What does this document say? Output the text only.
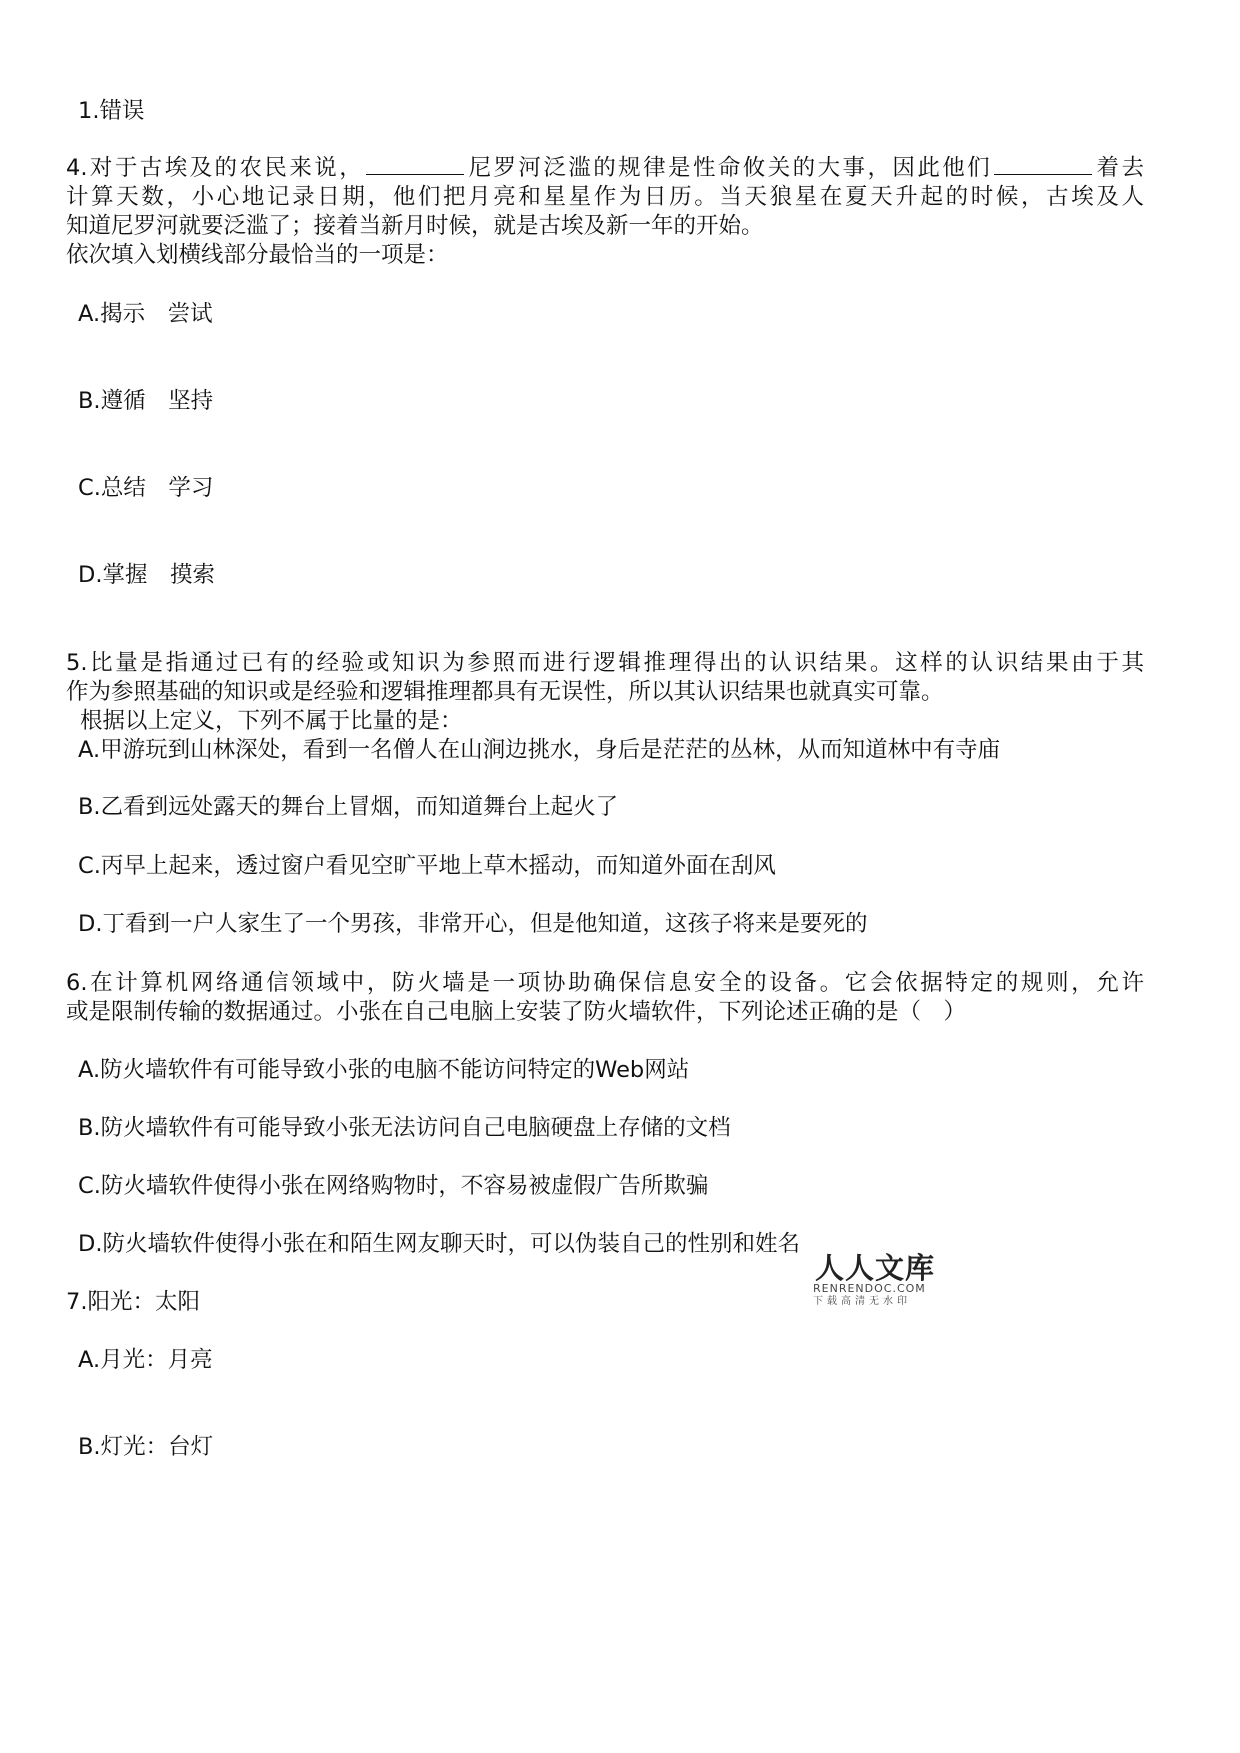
1.错误
4.对于古埃及的农民来说，	尼罗河泛滥的规律是性命攸关的大事，因此他们	着去
计算天数，小心地记录日期，他们把月亮和星星作为日历。当天狼星在夏天升起的时候，古埃及人
知道尼罗河就要泛滥了；接着当新月时候，就是古埃及新一年的开始。
依次填入划横线部分最恰当的一项是：
A.揭示　尝试
B.遵循　坚持
C.总结　学习
D.掌握　摸索
5.比量是指通过已有的经验或知识为参照而进行逻辑推理得出的认识结果。这样的认识结果由于其
作为参照基础的知识或是经验和逻辑推理都具有无误性，所以其认识结果也就真实可靠。
根据以上定义，下列不属于比量的是：
A.甲游玩到山林深处，看到一名僧人在山涧边挑水，身后是茫茫的丛林，从而知道林中有寺庙
B.乙看到远处露天的舞台上冒烟，而知道舞台上起火了
C.丙早上起来，透过窗户看见空旷平地上草木摇动，而知道外面在刮风
D.丁看到一户人家生了一个男孩，非常开心，但是他知道，这孩子将来是要死的
6.在计算机网络通信领域中，防火墙是一项协助确保信息安全的设备。它会依据特定的规则，允许
或是限制传输的数据通过。小张在自己电脑上安装了防火墙软件，下列论述正确的是（　）
A.防火墙软件有可能导致小张的电脑不能访问特定的Web网站
B.防火墙软件有可能导致小张无法访问自己电脑硬盘上存储的文档
C.防火墙软件使得小张在网络购物时，不容易被虚假广告所欺骗
D.防火墙软件使得小张在和陌生网友聊天时，可以伪装自己的性别和姓名
7.阳光：太阳
A.月光：月亮
B.灯光：台灯
人人文库
RENRENDOC.COM
下载高清无水印
